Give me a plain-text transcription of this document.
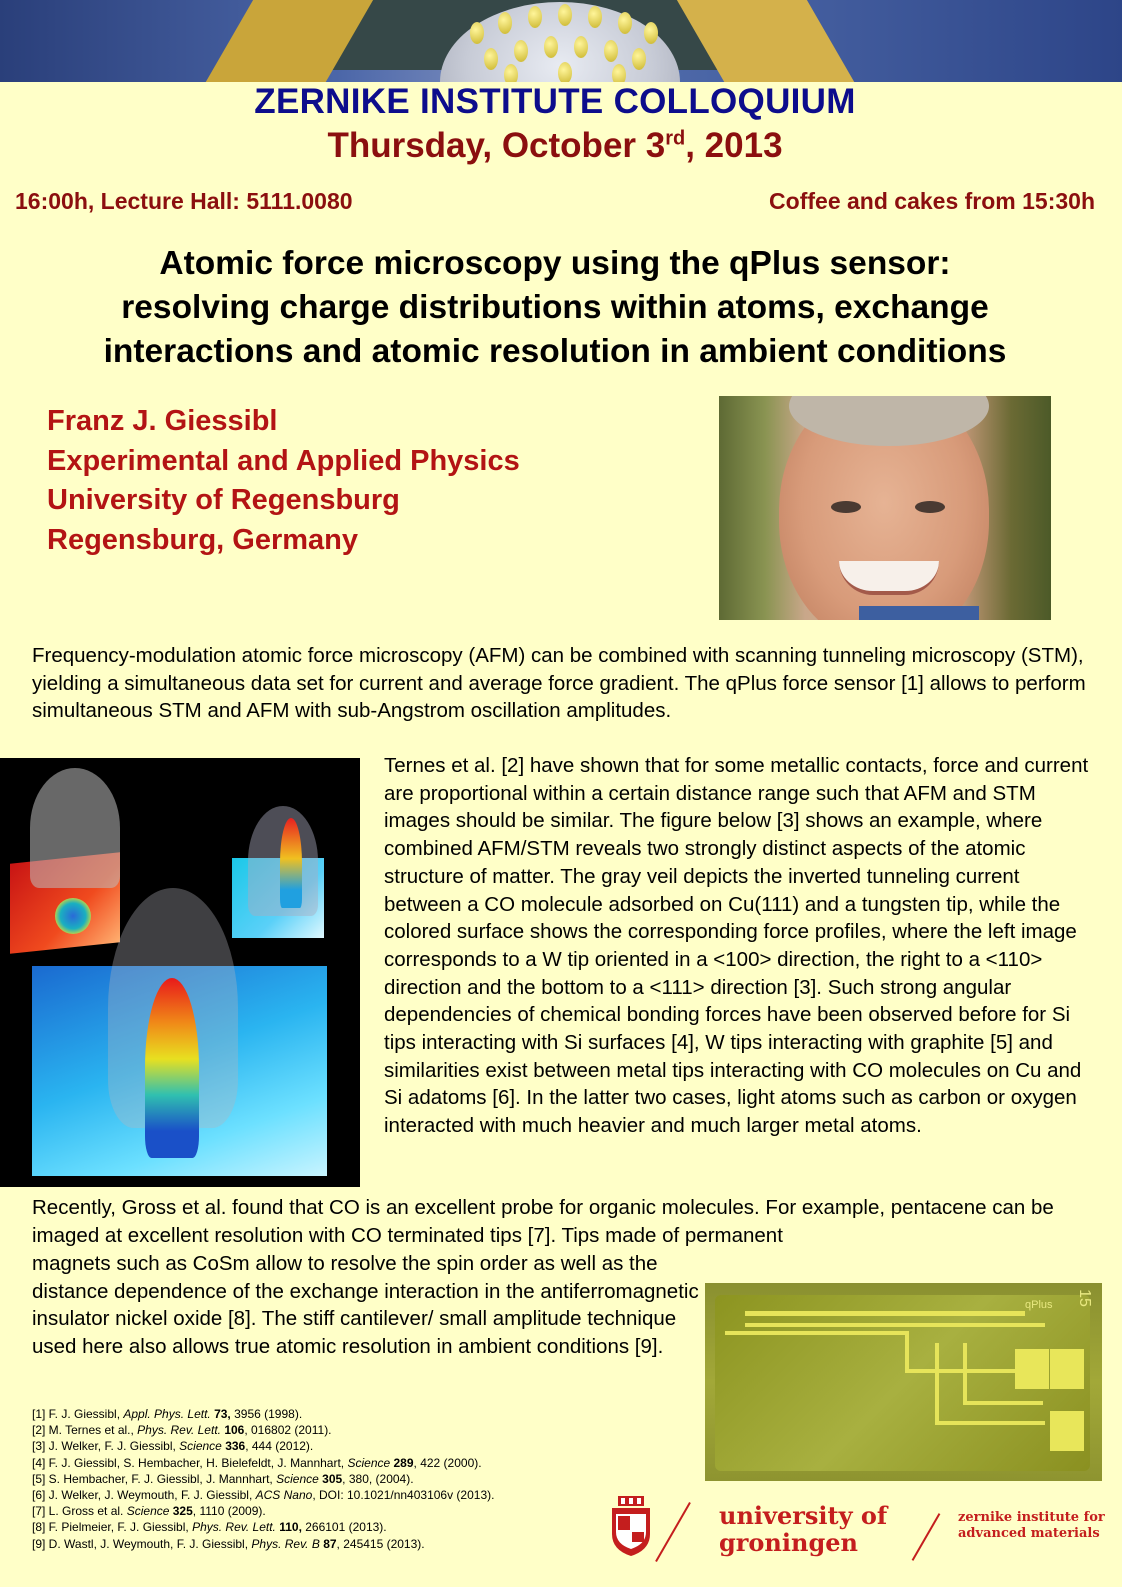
ZERNIKE INSTITUTE COLLOQUIUM
Thursday, October 3rd, 2013
16:00h, Lecture Hall: 5111.0080	Coffee and cakes from 15:30h
Atomic force microscopy using the qPlus sensor:
resolving charge distributions within atoms, exchange
interactions and atomic resolution in ambient conditions
Franz J. Giessibl
Experimental and Applied Physics
University of Regensburg
Regensburg, Germany

Frequency-modulation atomic force microscopy (AFM) can be combined with scanning tunneling microscopy (STM), yielding a simultaneous data set for current and average force gradient. The qPlus force sensor [1] allows to perform simultaneous STM and AFM with sub-Angstrom oscillation amplitudes.

Ternes et al. [2] have shown that for some metallic contacts, force and current are proportional within a certain distance range such that AFM and STM images should be similar. The figure below [3] shows an example, where combined AFM/STM reveals two strongly distinct aspects of the atomic structure of matter. The gray veil depicts the inverted tunneling current between a CO molecule adsorbed on Cu(111) and a tungsten tip, while the colored surface shows the corresponding force profiles, where the left image corresponds to a W tip oriented in a <100> direction, the right to a <110> direction and the bottom to a <111> direction [3]. Such strong angular dependencies of chemical bonding forces have been observed before for Si tips interacting with Si surfaces [4], W tips interacting with graphite [5] and similarities exist between metal tips interacting with CO molecules on Cu and Si adatoms [6]. In the latter two cases, light atoms such as carbon or oxygen interacted with much heavier and much larger metal atoms.

Recently, Gross et al. found that CO is an excellent probe for organic molecules. For example, pentacene can be imaged at excellent resolution with CO terminated tips [7]. Tips made of permanent

magnets such as CoSm allow to resolve the spin order as well as the distance dependence of the exchange interaction in the antiferromagnetic insulator nickel oxide [8]. The stiff cantilever/ small amplitude technique used here also allows true atomic resolution in ambient conditions [9].

qPlus 15
[1] F. J. Giessibl, Appl. Phys. Lett. 73, 3956 (1998).
[2] M. Ternes et al., Phys. Rev. Lett. 106, 016802 (2011).
[3] J. Welker, F. J. Giessibl, Science 336, 444 (2012).
[4] F. J. Giessibl, S. Hembacher, H. Bielefeldt, J. Mannhart, Science 289, 422 (2000).
[5] S. Hembacher, F. J. Giessibl, J. Mannhart, Science 305, 380, (2004).
[6] J. Welker, J. Weymouth, F. J. Giessibl, ACS Nano, DOI: 10.1021/nn403106v (2013).
[7] L. Gross et al. Science 325, 1110 (2009).
[8] F. Pielmeier, F. J. Giessibl, Phys. Rev. Lett. 110, 266101 (2013).
[9] D. Wastl, J. Weymouth, F. J. Giessibl, Phys. Rev. B 87, 245415 (2013).
university of
groningen
zernike institute for
advanced materials
